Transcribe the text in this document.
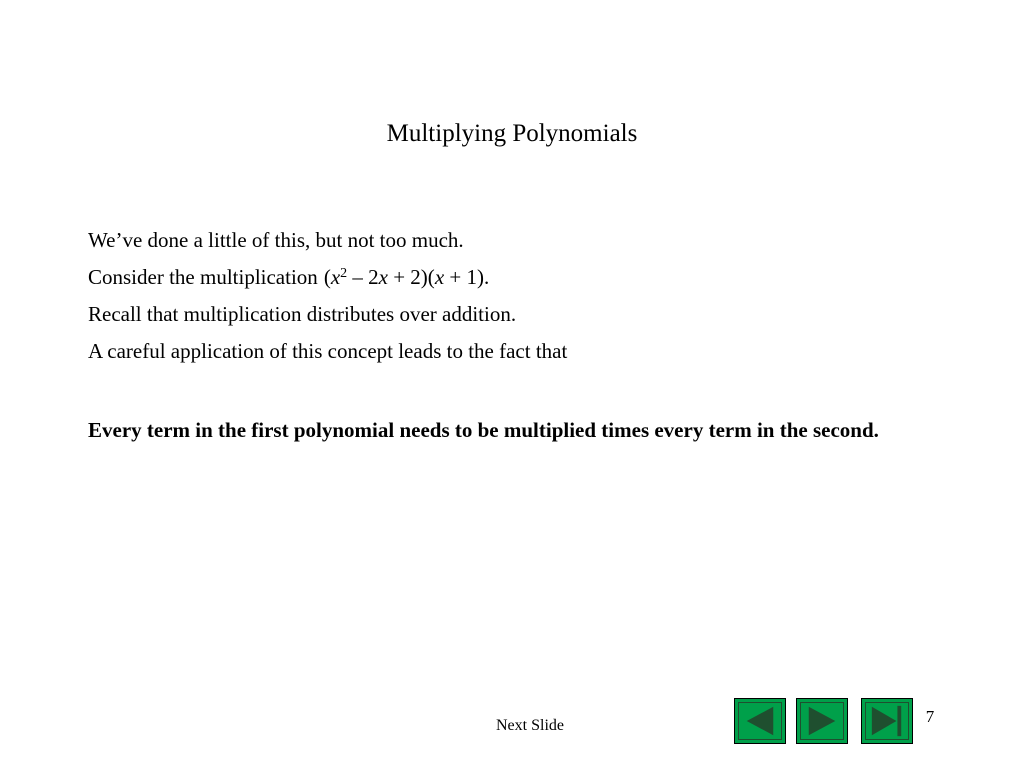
Multiplying Polynomials

We’ve done a little of this, but not too much.

Consider the multiplication $(x^2 - 2x + 2)(x + 1)$.

Recall that multiplication distributes over addition.

A careful application of this concept leads to the fact that

Every term in the first polynomial needs to be multiplied times every term in the second.
Next Slide	7
